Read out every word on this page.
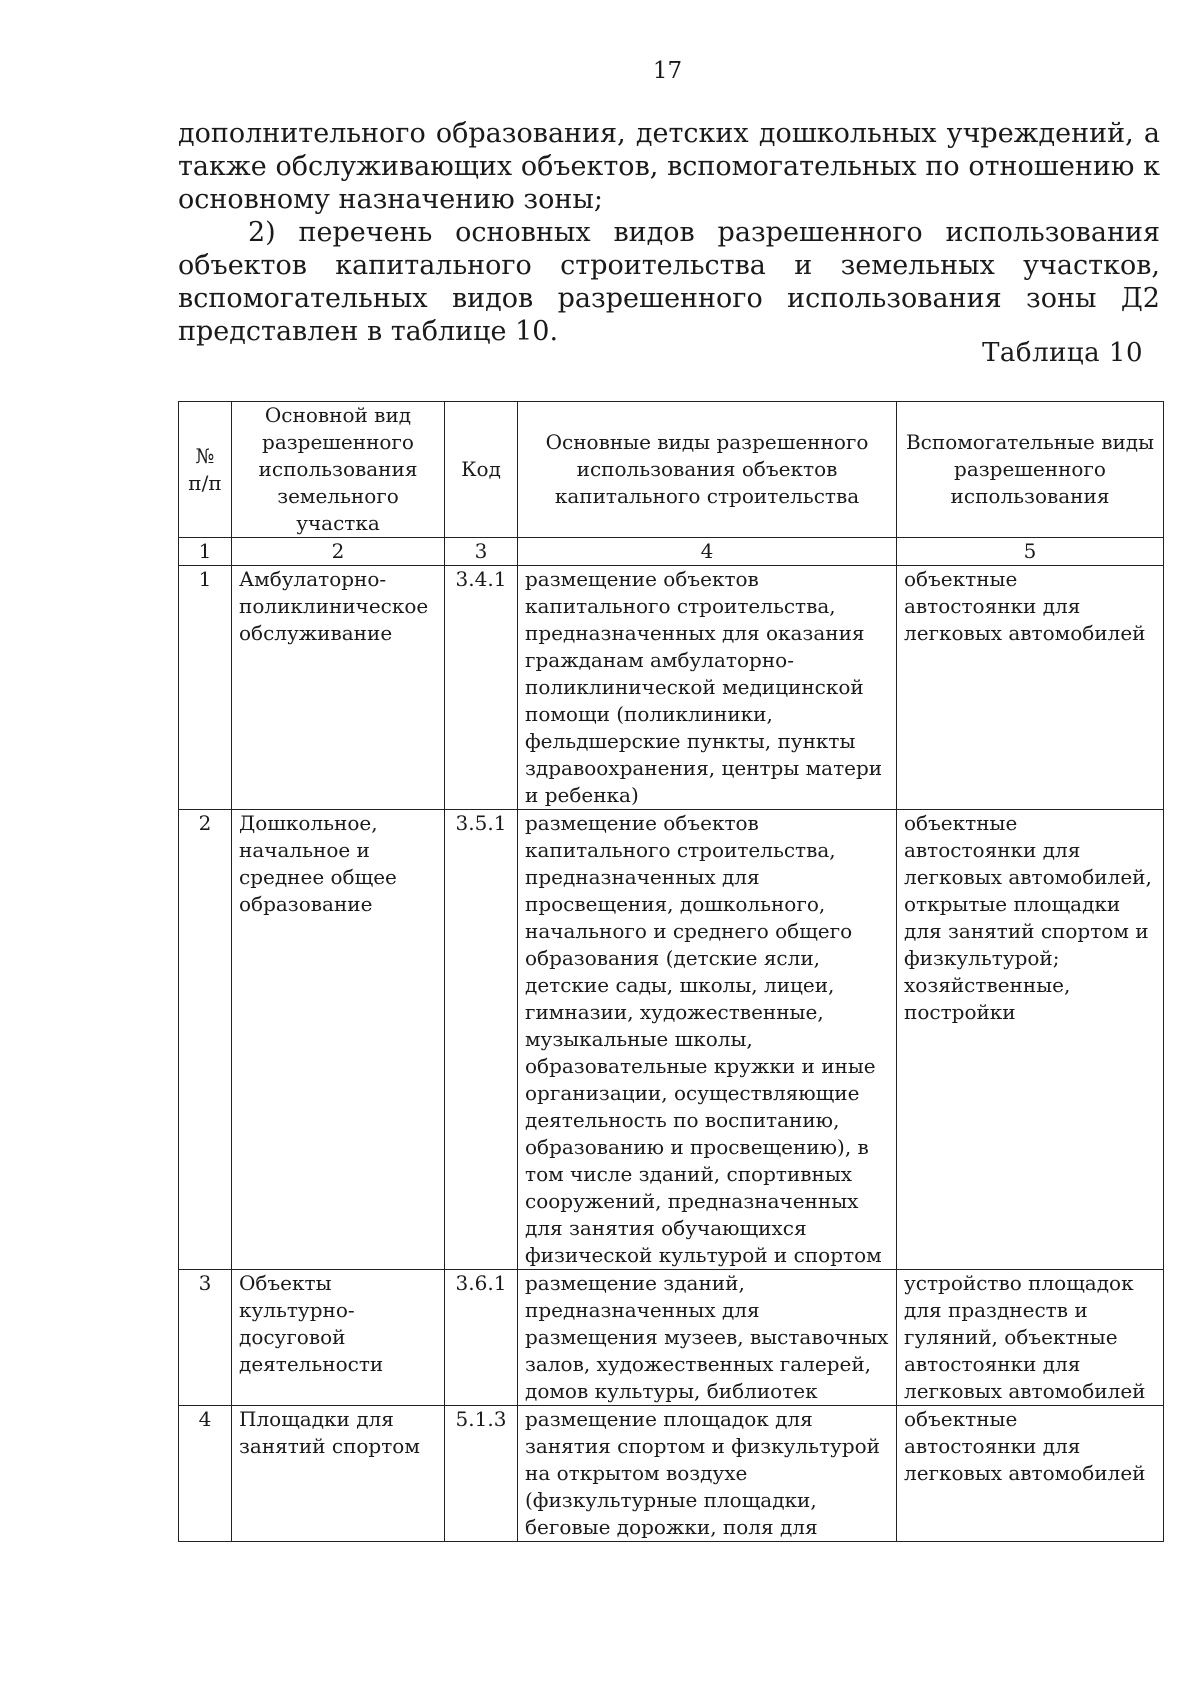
17

дополнительного образования, детских дошкольных учреждений, а также обслуживающих объектов, вспомогательных по отношению к основному назначению зоны;

2) перечень основных видов разрешенного использования объектов капитального строительства и земельных участков, вспомогательных видов разрешенного использования зоны Д2 представлен в таблице 10.

Таблица 10
№ п/п	Основной вид разрешенного использования земельного участка	Код	Основные виды разрешенного использования объектов капитального строительства	Вспомогательные виды разрешенного использования
1	2	3	4	5
1	Амбулаторно-поликлиническое обслуживание	3.4.1	размещение объектов капитального строительства, предназначенных для оказания гражданам амбулаторно-поликлинической медицинской помощи (поликлиники, фельдшерские пункты, пункты здравоохранения, центры матери и ребенка)	объектные автостоянки для легковых автомобилей
2	Дошкольное, начальное и среднее общее образование	3.5.1	размещение объектов капитального строительства, предназначенных для просвещения, дошкольного, начального и среднего общего образования (детские ясли, детские сады, школы, лицеи, гимназии, художественные, музыкальные школы, образовательные кружки и иные организации, осуществляющие деятельность по воспитанию, образованию и просвещению), в том числе зданий, спортивных сооружений, предназначенных для занятия обучающихся физической культурой и спортом	объектные автостоянки для легковых автомобилей, открытые площадки для занятий спортом и физкультурой; хозяйственные, постройки
3	Объекты культурно-досуговой деятельности	3.6.1	размещение зданий, предназначенных для размещения музеев, выставочных залов, художественных галерей, домов культуры, библиотек	устройство площадок для празднеств и гуляний, объектные автостоянки для легковых автомобилей
4	Площадки для занятий спортом	5.1.3	размещение площадок для занятия спортом и физкультурой на открытом воздухе (физкультурные площадки, беговые дорожки, поля для	объектные автостоянки для легковых автомобилей
